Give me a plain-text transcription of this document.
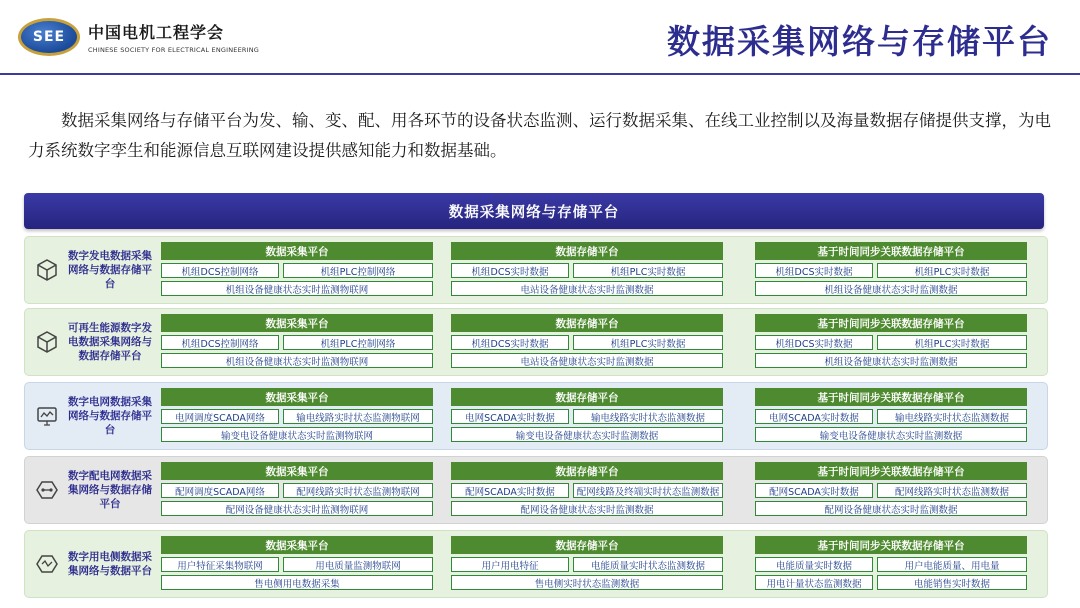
SEE 中国电机工程学会
CHINESE SOCIETY FOR ELECTRICAL ENGINEERING	数据采集网络与存储平台
数据采集网络与存储平台为发、输、变、配、用各环节的设备状态监测、运行数据采集、在线工业控制以及海量数据存储提供支撑，为电力系统数字孪生和能源信息互联网建设提供感知能力和数据基础。
数据采集网络与存储平台
数字发电数据采集网络与数据存储平台
数据采集平台
机组DCS控制网络	机组PLC控制网络
机组设备健康状态实时监测物联网
数据存储平台
机组DCS实时数据	机组PLC实时数据
电站设备健康状态实时监测数据
基于时间同步关联数据存储平台
机组DCS实时数据	机组PLC实时数据
机组设备健康状态实时监测数据
可再生能源数字发电数据采集网络与数据存储平台
数据采集平台
机组DCS控制网络	机组PLC控制网络
机组设备健康状态实时监测物联网
数据存储平台
机组DCS实时数据	机组PLC实时数据
电站设备健康状态实时监测数据
基于时间同步关联数据存储平台
机组DCS实时数据	机组PLC实时数据
机组设备健康状态实时监测数据
数字电网数据采集网络与数据存储平台
数据采集平台
电网调度SCADA网络	输电线路实时状态监测物联网
输变电设备健康状态实时监测物联网
数据存储平台
电网SCADA实时数据	输电线路实时状态监测数据
输变电设备健康状态实时监测数据
基于时间同步关联数据存储平台
电网SCADA实时数据	输电线路实时状态监测数据
输变电设备健康状态实时监测数据
数字配电网数据采集网络与数据存储平台
数据采集平台
配网调度SCADA网络	配网线路实时状态监测物联网
配网设备健康状态实时监测物联网
数据存储平台
配网SCADA实时数据	配网线路及终端实时状态监测数据
配网设备健康状态实时监测数据
基于时间同步关联数据存储平台
配网SCADA实时数据	配网线路实时状态监测数据
配网设备健康状态实时监测数据
数字用电侧数据采集网络与数据平台
数据采集平台
用户特征采集物联网	用电质量监测物联网
售电侧用电数据采集
数据存储平台
用户用电特征	电能质量实时状态监测数据
售电侧实时状态监测数据
基于时间同步关联数据存储平台
电能质量实时数据	用户电能质量、用电量
用电计量状态监测数据	电能销售实时数据
